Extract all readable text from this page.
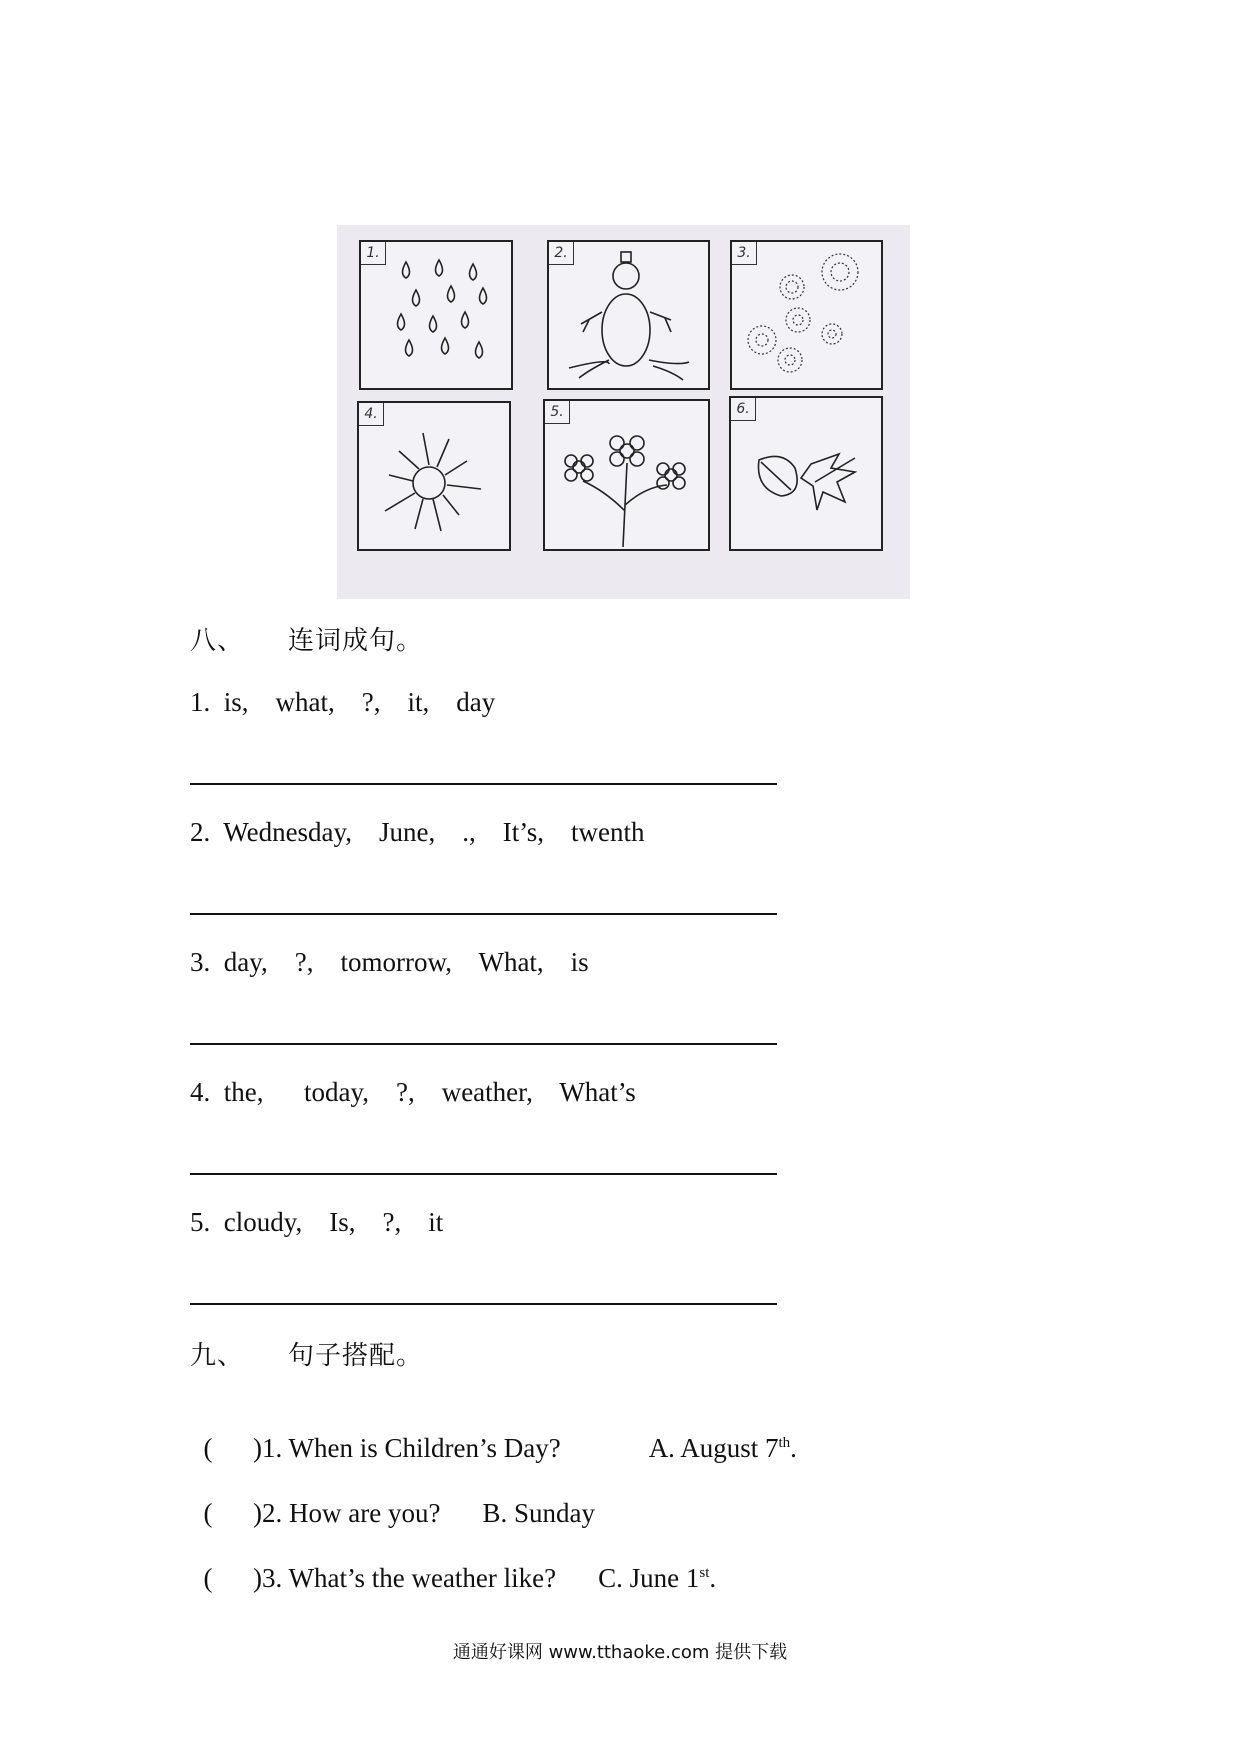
1.	2.	3.
4.	5.	6.
八、 连词成句。
1.  is,    what,    ?,    it,    day
2.  Wednesday,    June,    .,    It’s,    twenth
3.  day,    ?,    tomorrow,    What,    is
4.  the,      today,    ?,    weather,    What’s
5.  cloudy,    Is,    ?,    it
九、 句子搭配。

(      )1. When is Children’s Day?	A. August 7th.

(      )2. How are you? B. Sunday

(      )3. What’s the weather like? C. June 1st.

通通好课网 www.tthaoke.com 提供下载
